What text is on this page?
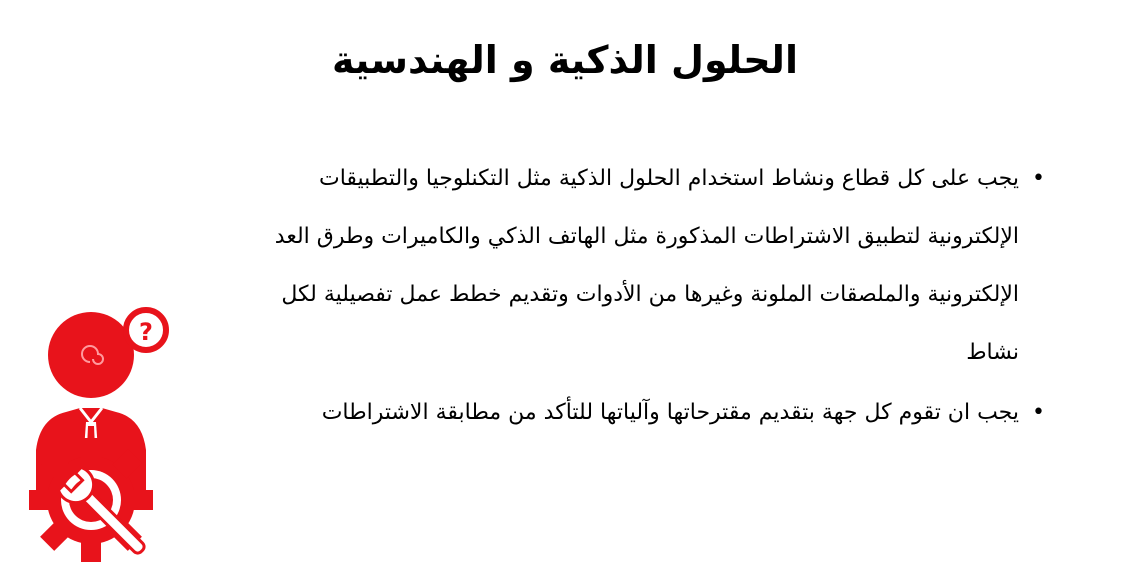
الحلول الذكية و الهندسية
•
يجب على كل قطاع ونشاط استخدام الحلول الذكية مثل التكنلوجيا والتطبيقات الإلكترونية لتطبيق الاشتراطات المذكورة مثل الهاتف الذكي والكاميرات وطرق العد الإلكترونية والملصقات الملونة وغيرها من الأدوات وتقديم خطط عمل تفصيلية لكل نشاط
•
يجب ان تقوم كل جهة بتقديم مقترحاتها وآلياتها للتأكد من مطابقة الاشتراطات
?
